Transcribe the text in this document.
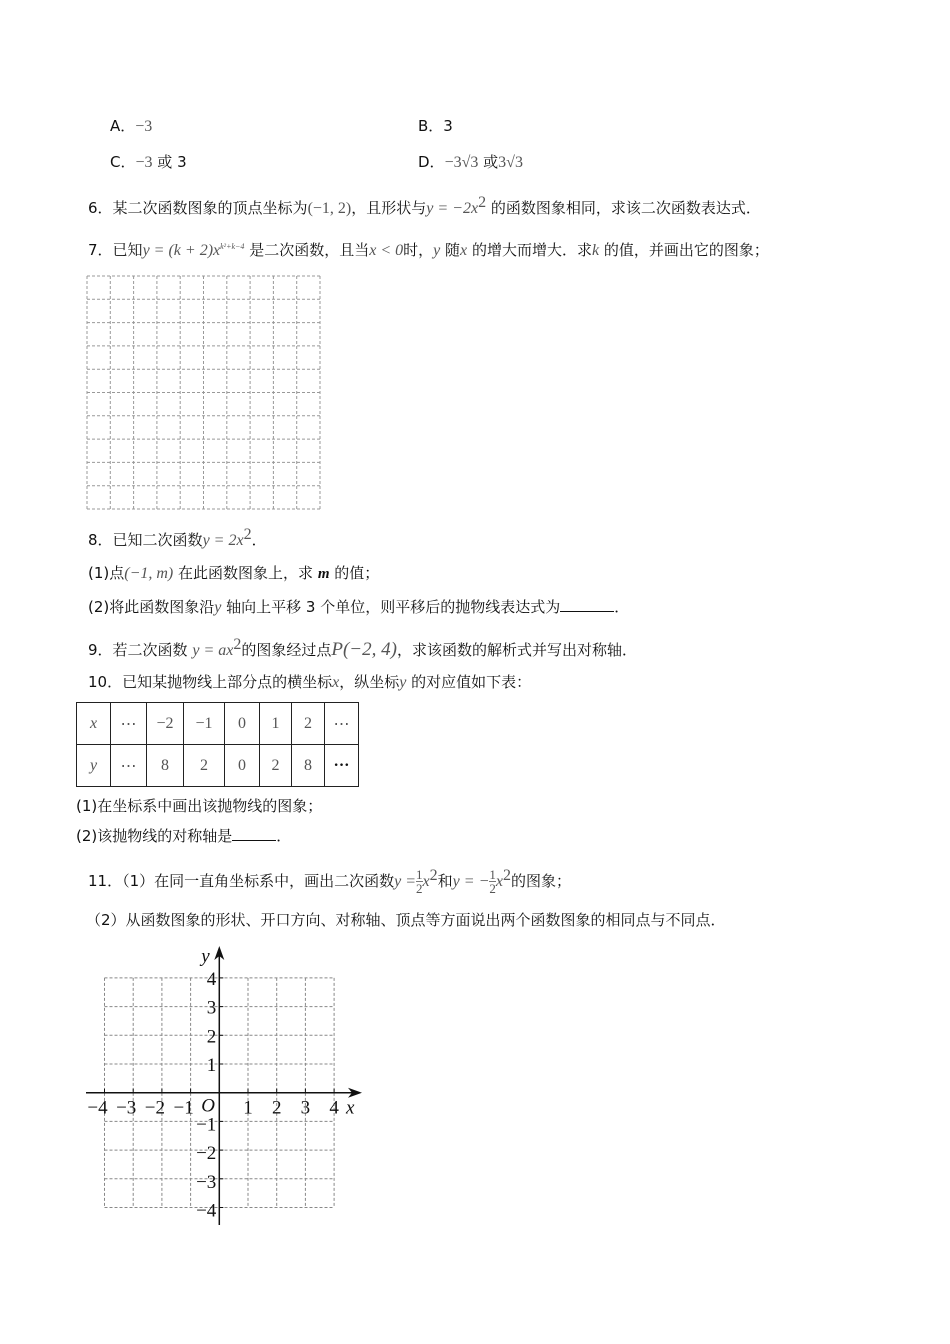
A．−3	B．3
C．−3 或 3	D．−3√3 或3√3
6．某二次函数图象的顶点坐标为(−1, 2)，且形状与$y = -2x^2$ 的函数图象相同，求该二次函数表达式．
7．已知$y = (k + 2)x^{k^2+k-4}$ 是二次函数，且当x < 0时，y 随x 的增大而增大．求k 的值，并画出它的图象；
8．已知二次函数$y = 2x^2$．
(1)点(−1, m) 在此函数图象上，求 m 的值；
(2)将此函数图象沿y 轴向上平移 3 个单位，则平移后的抛物线表达式为	．
9．若二次函数 $y = ax^2$的图象经过点P(−2, 4)，求该函数的解析式并写出对称轴．
10．已知某抛物线上部分点的横坐标x，纵坐标y 的对应值如下表：
x	⋯	−2	−1	0	1	2	⋯
y	⋯	8	2	0	2	8	···
(1)在坐标系中画出该抛物线的图象；
(2)该抛物线的对称轴是	．
11．（1）在同一直角坐标系中，画出二次函数$y = \frac{1}{2} x^2$和y = − $\frac{1}{2} x^2$的图象；
（2）从函数图象的形状、开口方向、对称轴、顶点等方面说出两个函数图象的相同点与不同点．
−4 −3 −2 −1	1 2 3 4
4
3
2
1
−1
−2
−3
−4
O	x
y
